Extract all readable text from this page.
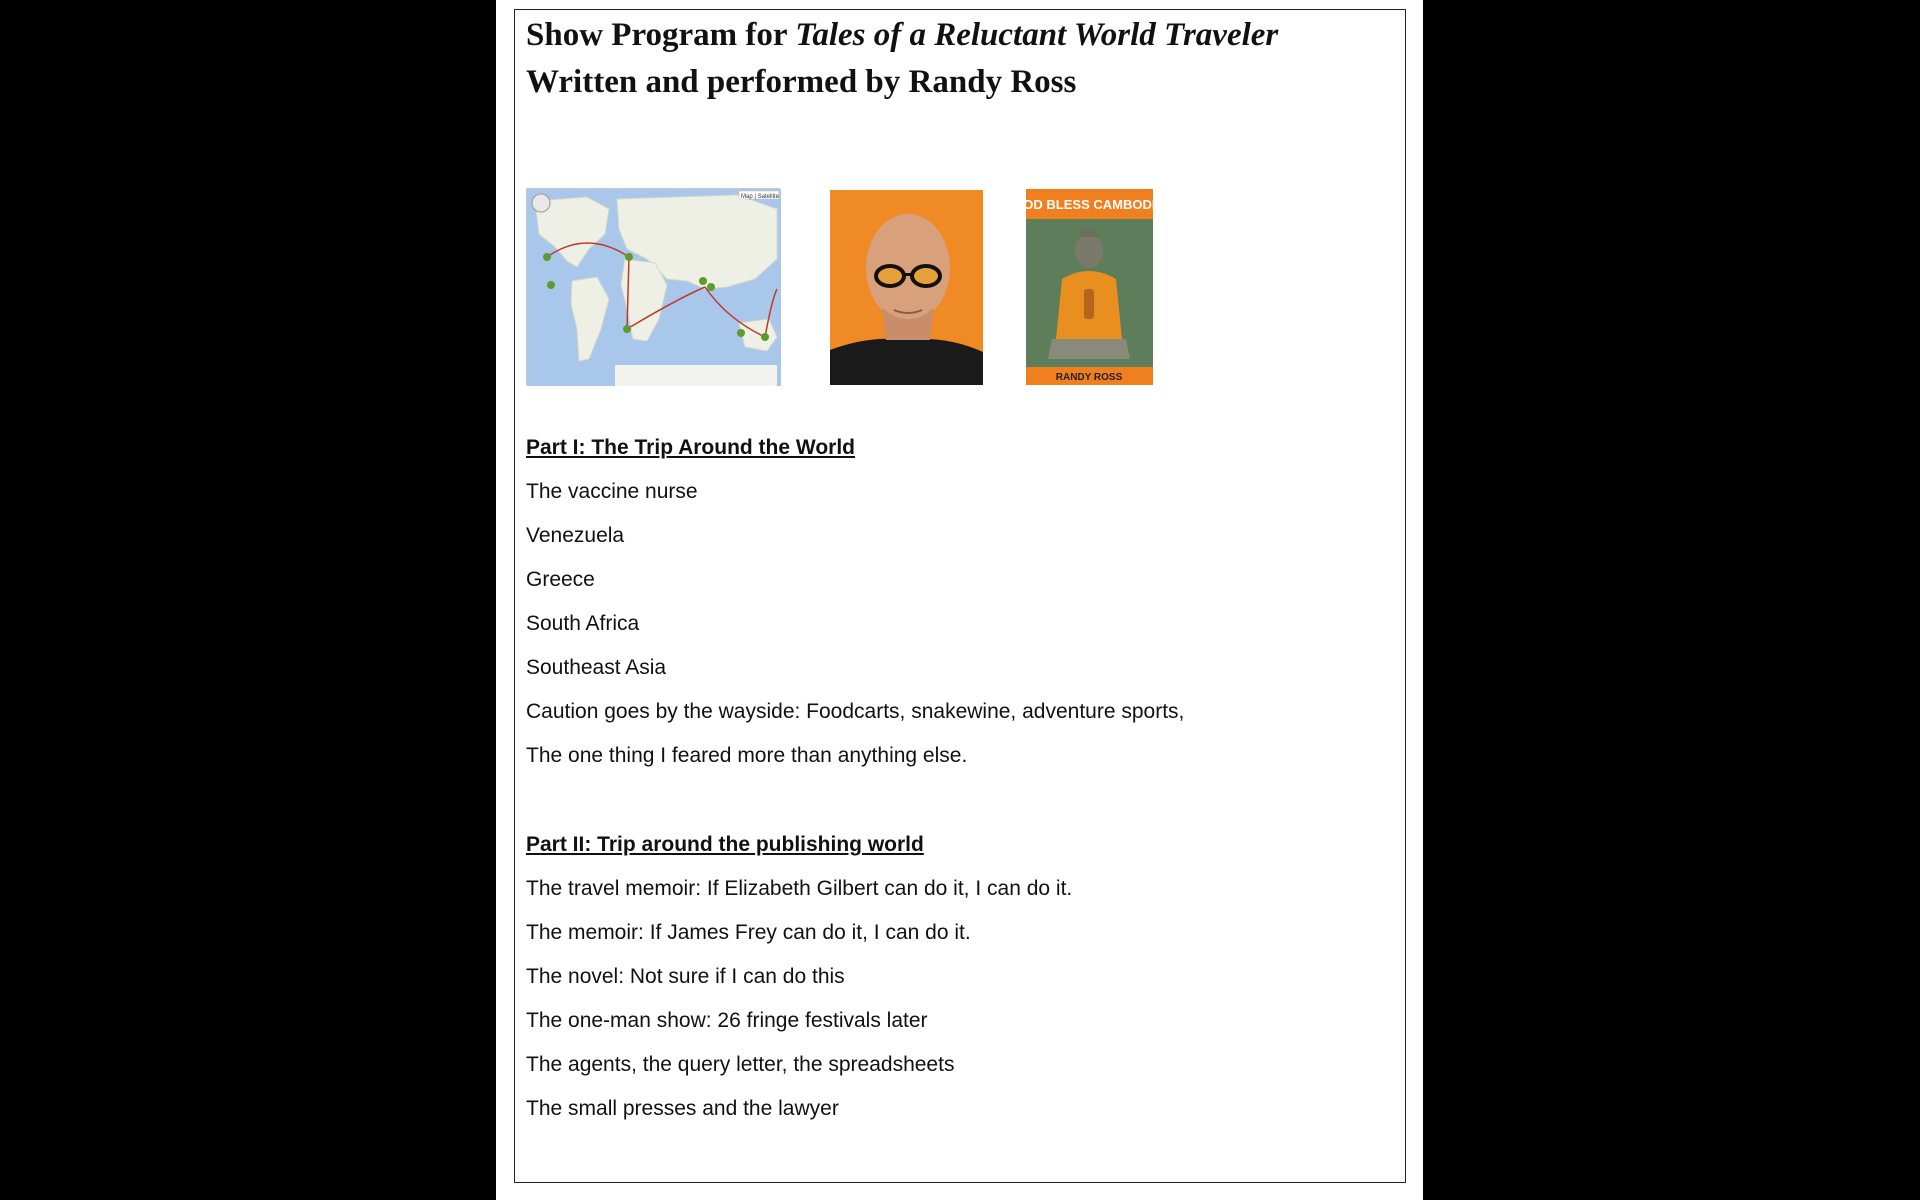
Show Program for Tales of a Reluctant World Traveler

Written and performed by Randy Ross

Map | Satellite	GOD BLESS CAMBODIA
RANDY ROSS
Part I: The Trip Around the World
The vaccine nurse
Venezuela
Greece
South Africa
Southeast Asia
Caution goes by the wayside: Foodcarts, snakewine, adventure sports,
The one thing I feared more than anything else.
Part II: Trip around the publishing world
The travel memoir: If Elizabeth Gilbert can do it, I can do it.
The memoir: If James Frey can do it, I can do it.
The novel: Not sure if I can do this
The one-man show: 26 fringe festivals later
The agents, the query letter, the spreadsheets
The small presses and the lawyer
